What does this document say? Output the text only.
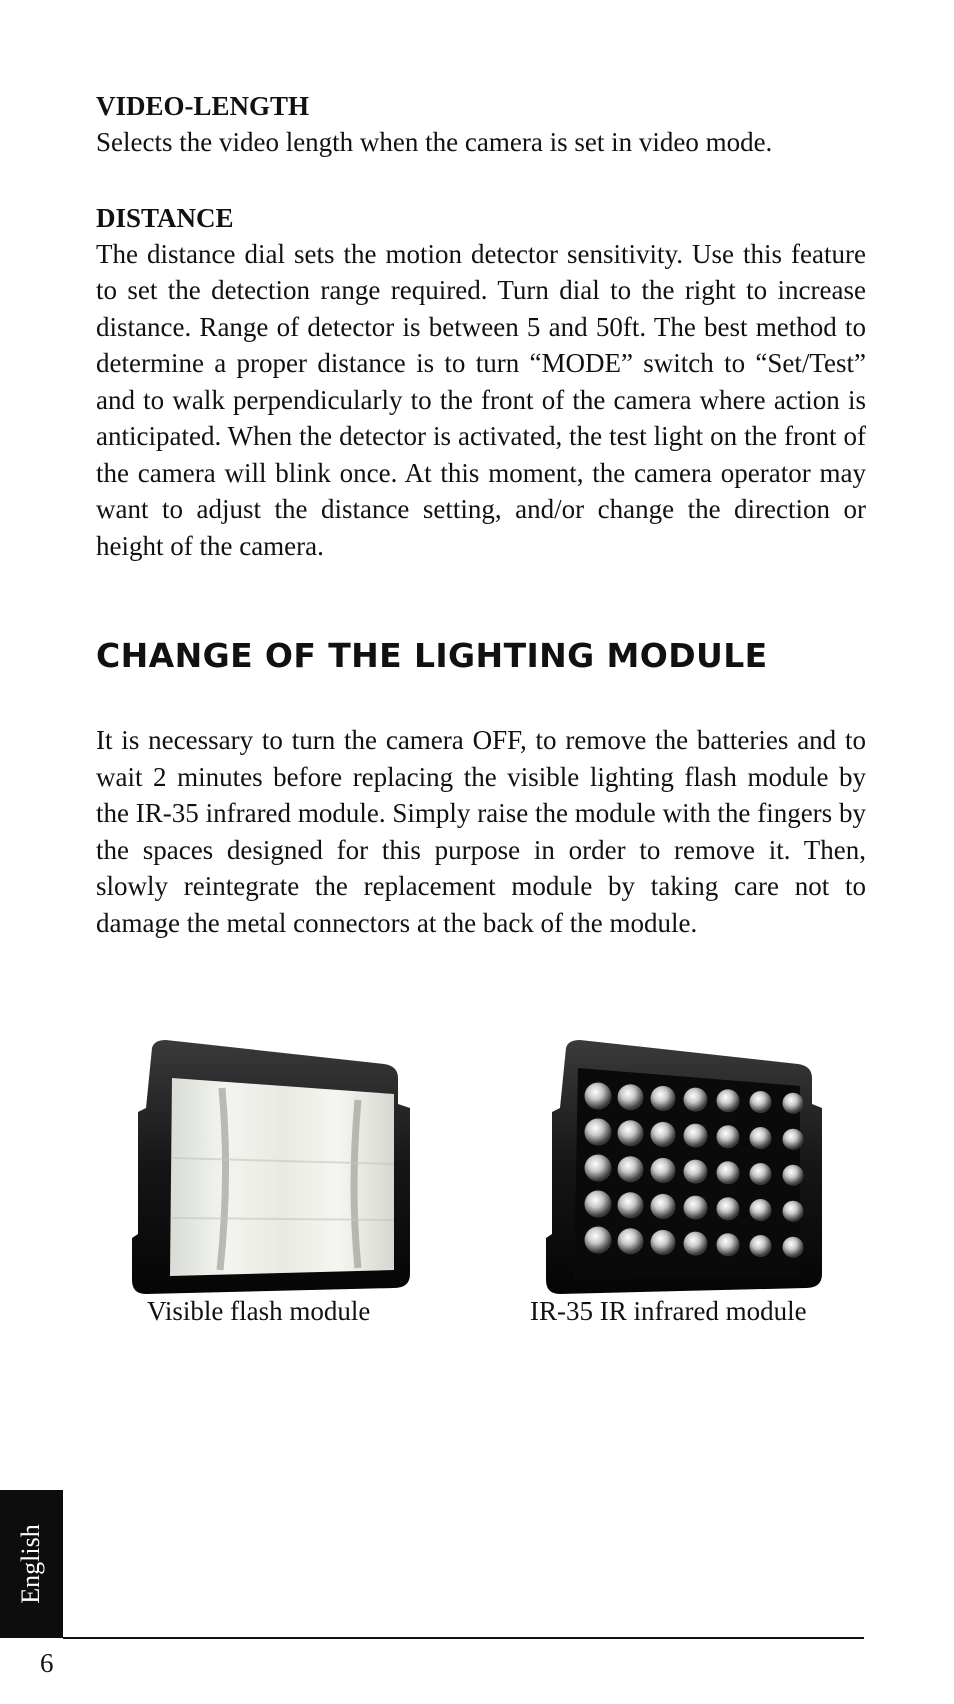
VIDEO-LENGTH

Selects the video length when the camera is set in video mode.

DISTANCE

The distance dial sets the motion detector sensitivity. Use this feature to set the detection range required. Turn dial to the right to increase distance. Range of detector is between 5 and 50ft. The best method to determine a proper distance is to turn “MODE” switch to “Set/Test” and to walk perpendicularly to the front of the camera where action is anticipated. When the detector is activated, the test light on the front of the camera will blink once. At this moment, the camera operator may want to adjust the distance setting, and/or change the direction or height of the camera.

CHANGE OF THE LIGHTING MODULE

It is necessary to turn the camera OFF, to remove the batteries and to wait 2 minutes before replacing the visible lighting flash module by the IR-35 infrared module. Simply raise the module with the fingers by the spaces designed for this purpose in order to remove it. Then, slowly reintegrate the replacement module by taking care not to damage the metal connectors at the back of the module.

Visible flash module	IR-35 IR infrared module

English

6
